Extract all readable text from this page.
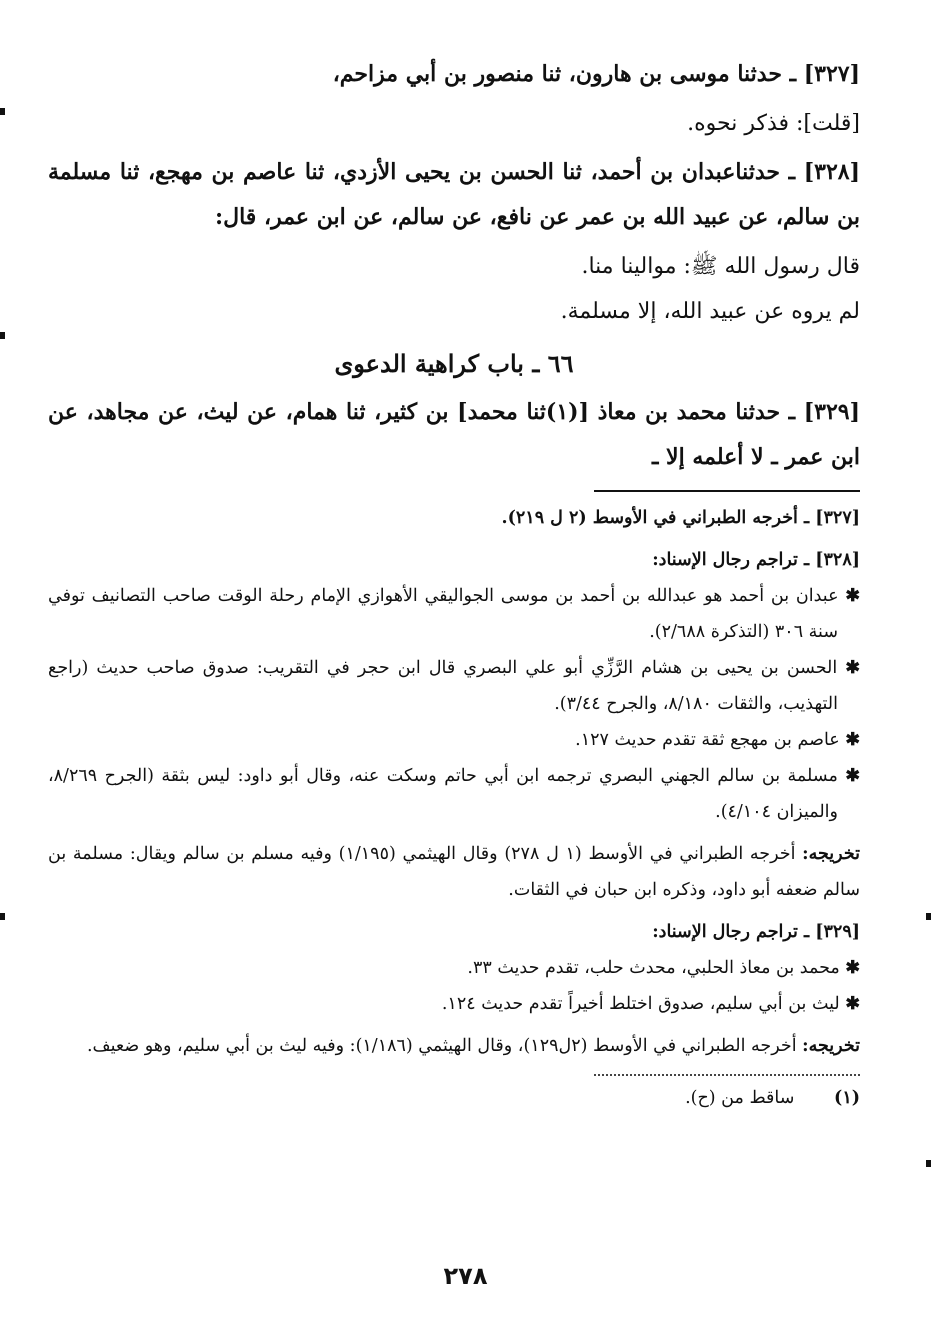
[٣٢٧] ـ حدثنا موسى بن هارون، ثنا منصور بن أبي مزاحم،

[قلت]: فذكر نحوه.

[٣٢٨] ـ حدثناعبدان بن أحمد، ثنا الحسن بن يحيى الأزدي، ثنا عاصم بن مهجع، ثنا مسلمة بن سالم، عن عبيد الله بن عمر عن نافع، عن سالم، عن ابن عمر، قال:

قال رسول الله ﷺ: موالينا منا.

لم يروه عن عبيد الله، إلا مسلمة.

٦٦ ـ باب كراهية الدعوى

[٣٢٩] ـ حدثنا محمد بن معاذ [(١)ثنا محمد] بن كثير، ثنا همام، عن ليث، عن مجاهد، عن ابن عمر ـ لا أعلمه إلا ـ

[٣٢٧] ـ أخرجه الطبراني في الأوسط (٢ ل ٢١٩).

[٣٢٨] ـ تراجم رجال الإسناد:

✱ عبدان بن أحمد هو عبدالله بن أحمد بن موسى الجواليقي الأهوازي الإمام رحلة الوقت صاحب التصانيف توفي سنة ٣٠٦ (التذكرة ٢/٦٨٨).

✱ الحسن بن يحيى بن هشام الرَّزِّي أبو علي البصري قال ابن حجر في التقريب: صدوق صاحب حديث (راجع التهذيب، والثقات ٨/١٨٠، والجرح ٣/٤٤).

✱ عاصم بن مهجع ثقة تقدم حديث ١٢٧.

✱ مسلمة بن سالم الجهني البصري ترجمه ابن أبي حاتم وسكت عنه، وقال أبو داود: ليس بثقة (الجرح ٨/٢٦٩، والميزان ٤/١٠٤).

تخريجه: أخرجه الطبراني في الأوسط (١ ل ٢٧٨) وقال الهيثمي (١/١٩٥) وفيه مسلم بن سالم ويقال: مسلمة بن سالم ضعفه أبو داود، وذكره ابن حبان في الثقات.

[٣٢٩] ـ تراجم رجال الإسناد:

✱ محمد بن معاذ الحلبي، محدث حلب، تقدم حديث ٣٣.

✱ ليث بن أبي سليم، صدوق اختلط أخيراً تقدم حديث ١٢٤.

تخريجه: أخرجه الطبراني في الأوسط (٢ل١٢٩)، وقال الهيثمي (١/١٨٦): وفيه ليث بن أبي سليم، وهو ضعيف.

(١) ساقط من (ح).
٢٧٨
